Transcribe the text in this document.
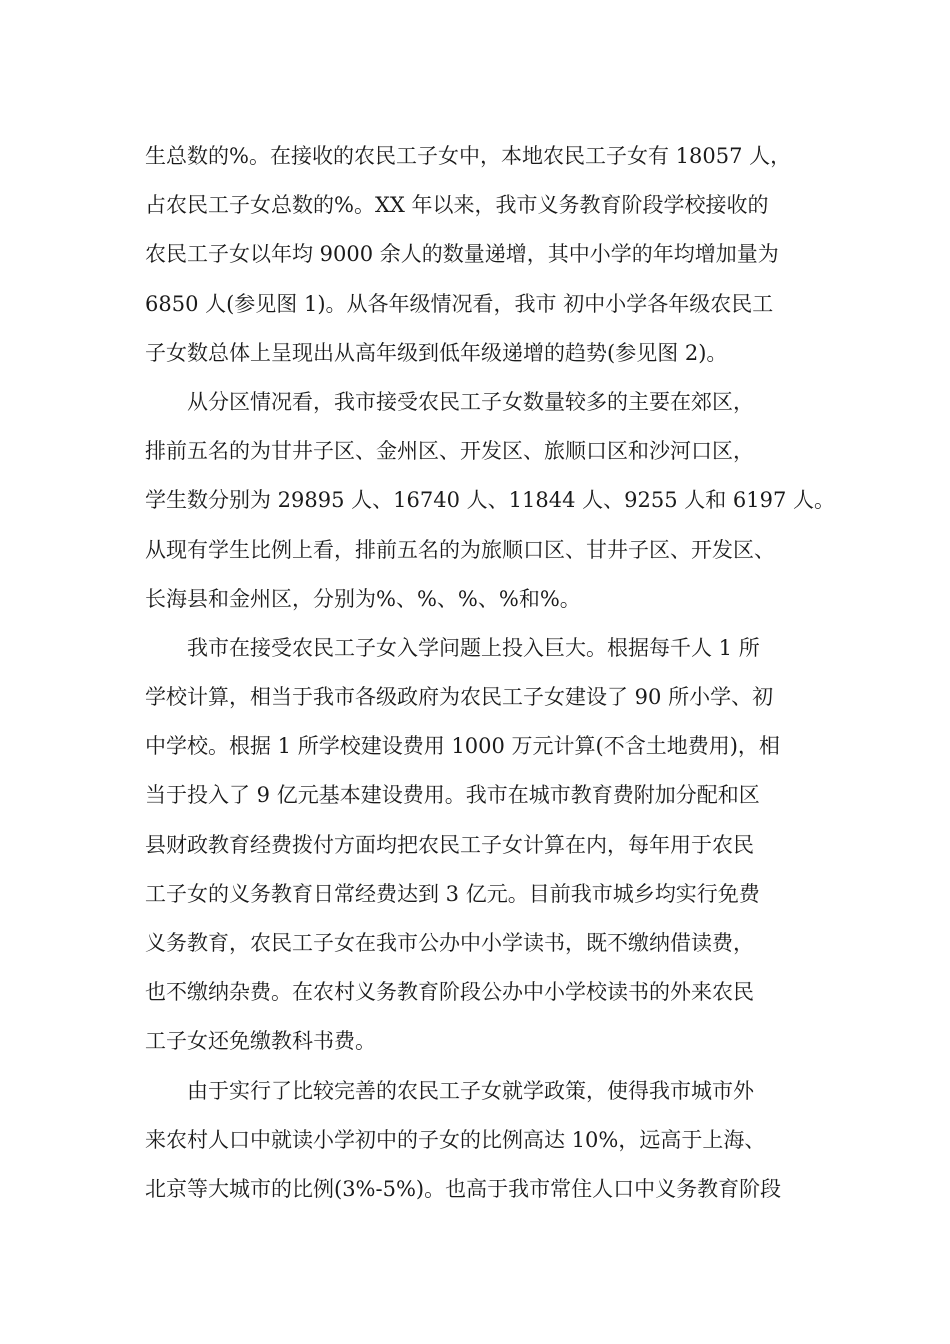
生总数的%。在接收的农民工子女中，本地农民工子女有 18057 人，
占农民工子女总数的%。XX 年以来，我市义务教育阶段学校接收的
农民工子女以年均 9000 余人的数量递增，其中小学的年均增加量为
6850 人(参见图 1)。从各年级情况看，我市 初中小学各年级农民工
子女数总体上呈现出从高年级到低年级递增的趋势(参见图 2)。
从分区情况看，我市接受农民工子女数量较多的主要在郊区，
排前五名的为甘井子区、金州区、开发区、旅顺口区和沙河口区，
学生数分别为 29895 人、16740 人、11844 人、9255 人和 6197 人。
从现有学生比例上看，排前五名的为旅顺口区、甘井子区、开发区、
长海县和金州区，分别为%、%、%、%和%。
我市在接受农民工子女入学问题上投入巨大。根据每千人 1 所
学校计算，相当于我市各级政府为农民工子女建设了 90 所小学、初
中学校。根据 1 所学校建设费用 1000 万元计算(不含土地费用)，相
当于投入了 9 亿元基本建设费用。我市在城市教育费附加分配和区
县财政教育经费拨付方面均把农民工子女计算在内，每年用于农民
工子女的义务教育日常经费达到 3 亿元。目前我市城乡均实行免费
义务教育，农民工子女在我市公办中小学读书，既不缴纳借读费，
也不缴纳杂费。在农村义务教育阶段公办中小学校读书的外来农民
工子女还免缴教科书费。
由于实行了比较完善的农民工子女就学政策，使得我市城市外
来农村人口中就读小学初中的子女的比例高达 10%，远高于上海、
北京等大城市的比例(3%-5%)。也高于我市常住人口中义务教育阶段
